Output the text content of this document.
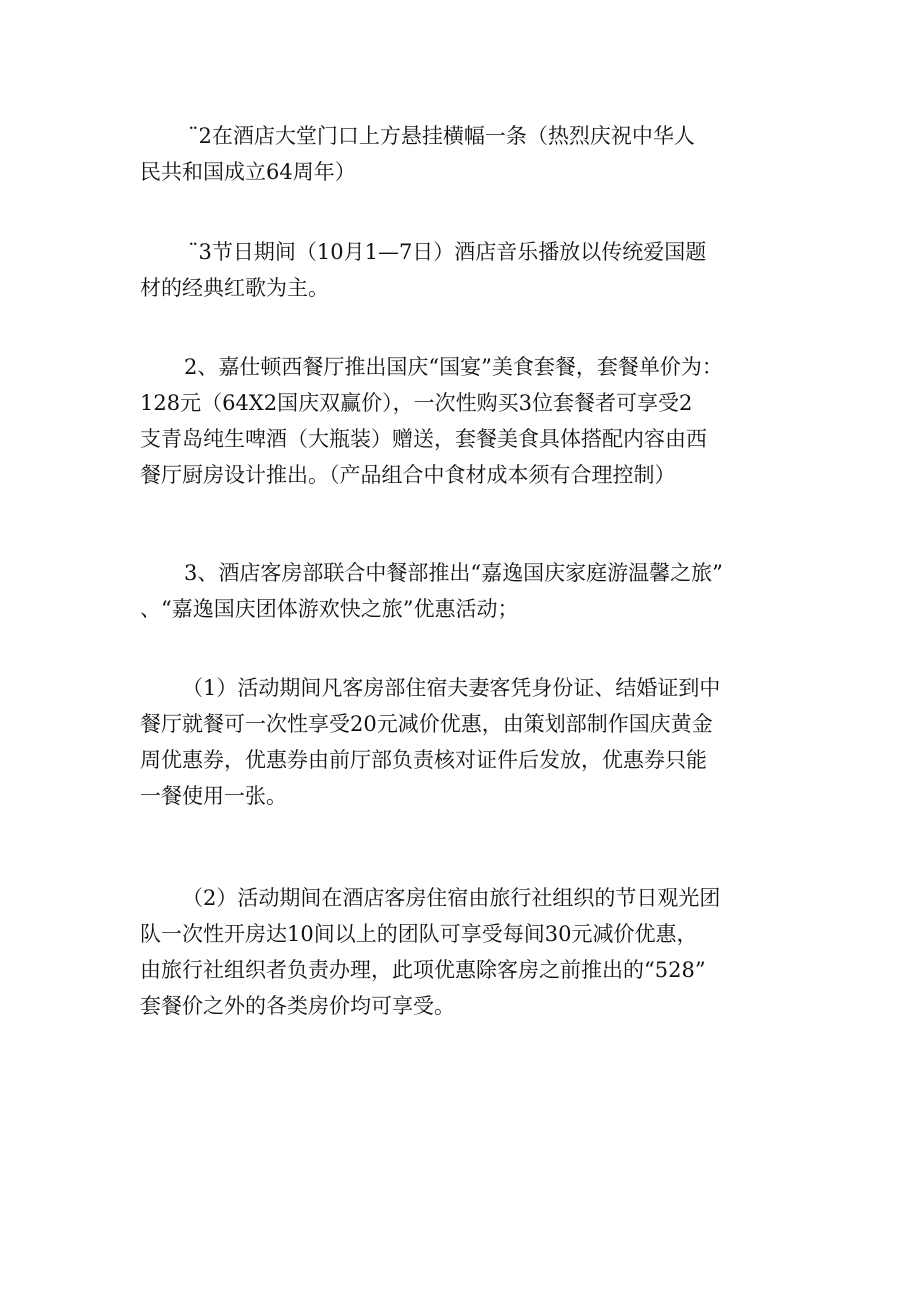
¨2在酒店大堂门口上方悬挂横幅一条（热烈庆祝中华人
民共和国成立64周年）

¨3节日期间（10月1—7日）酒店音乐播放以传统爱国题
材的经典红歌为主。

2、嘉仕顿西餐厅推出国庆“国宴”美食套餐，套餐单价为：
128元（64X2国庆双赢价），一次性购买3位套餐者可享受2
支青岛纯生啤酒（大瓶装）赠送，套餐美食具体搭配内容由西
餐厅厨房设计推出。（产品组合中食材成本须有合理控制）

3、酒店客房部联合中餐部推出“嘉逸国庆家庭游温馨之旅”
、“嘉逸国庆团体游欢快之旅”优惠活动；

（1）活动期间凡客房部住宿夫妻客凭身份证、结婚证到中
餐厅就餐可一次性享受20元减价优惠，由策划部制作国庆黄金
周优惠券，优惠券由前厅部负责核对证件后发放，优惠券只能
一餐使用一张。

（2）活动期间在酒店客房住宿由旅行社组织的节日观光团
队一次性开房达10间以上的团队可享受每间30元减价优惠，
由旅行社组织者负责办理，此项优惠除客房之前推出的“528”
套餐价之外的各类房价均可享受。
